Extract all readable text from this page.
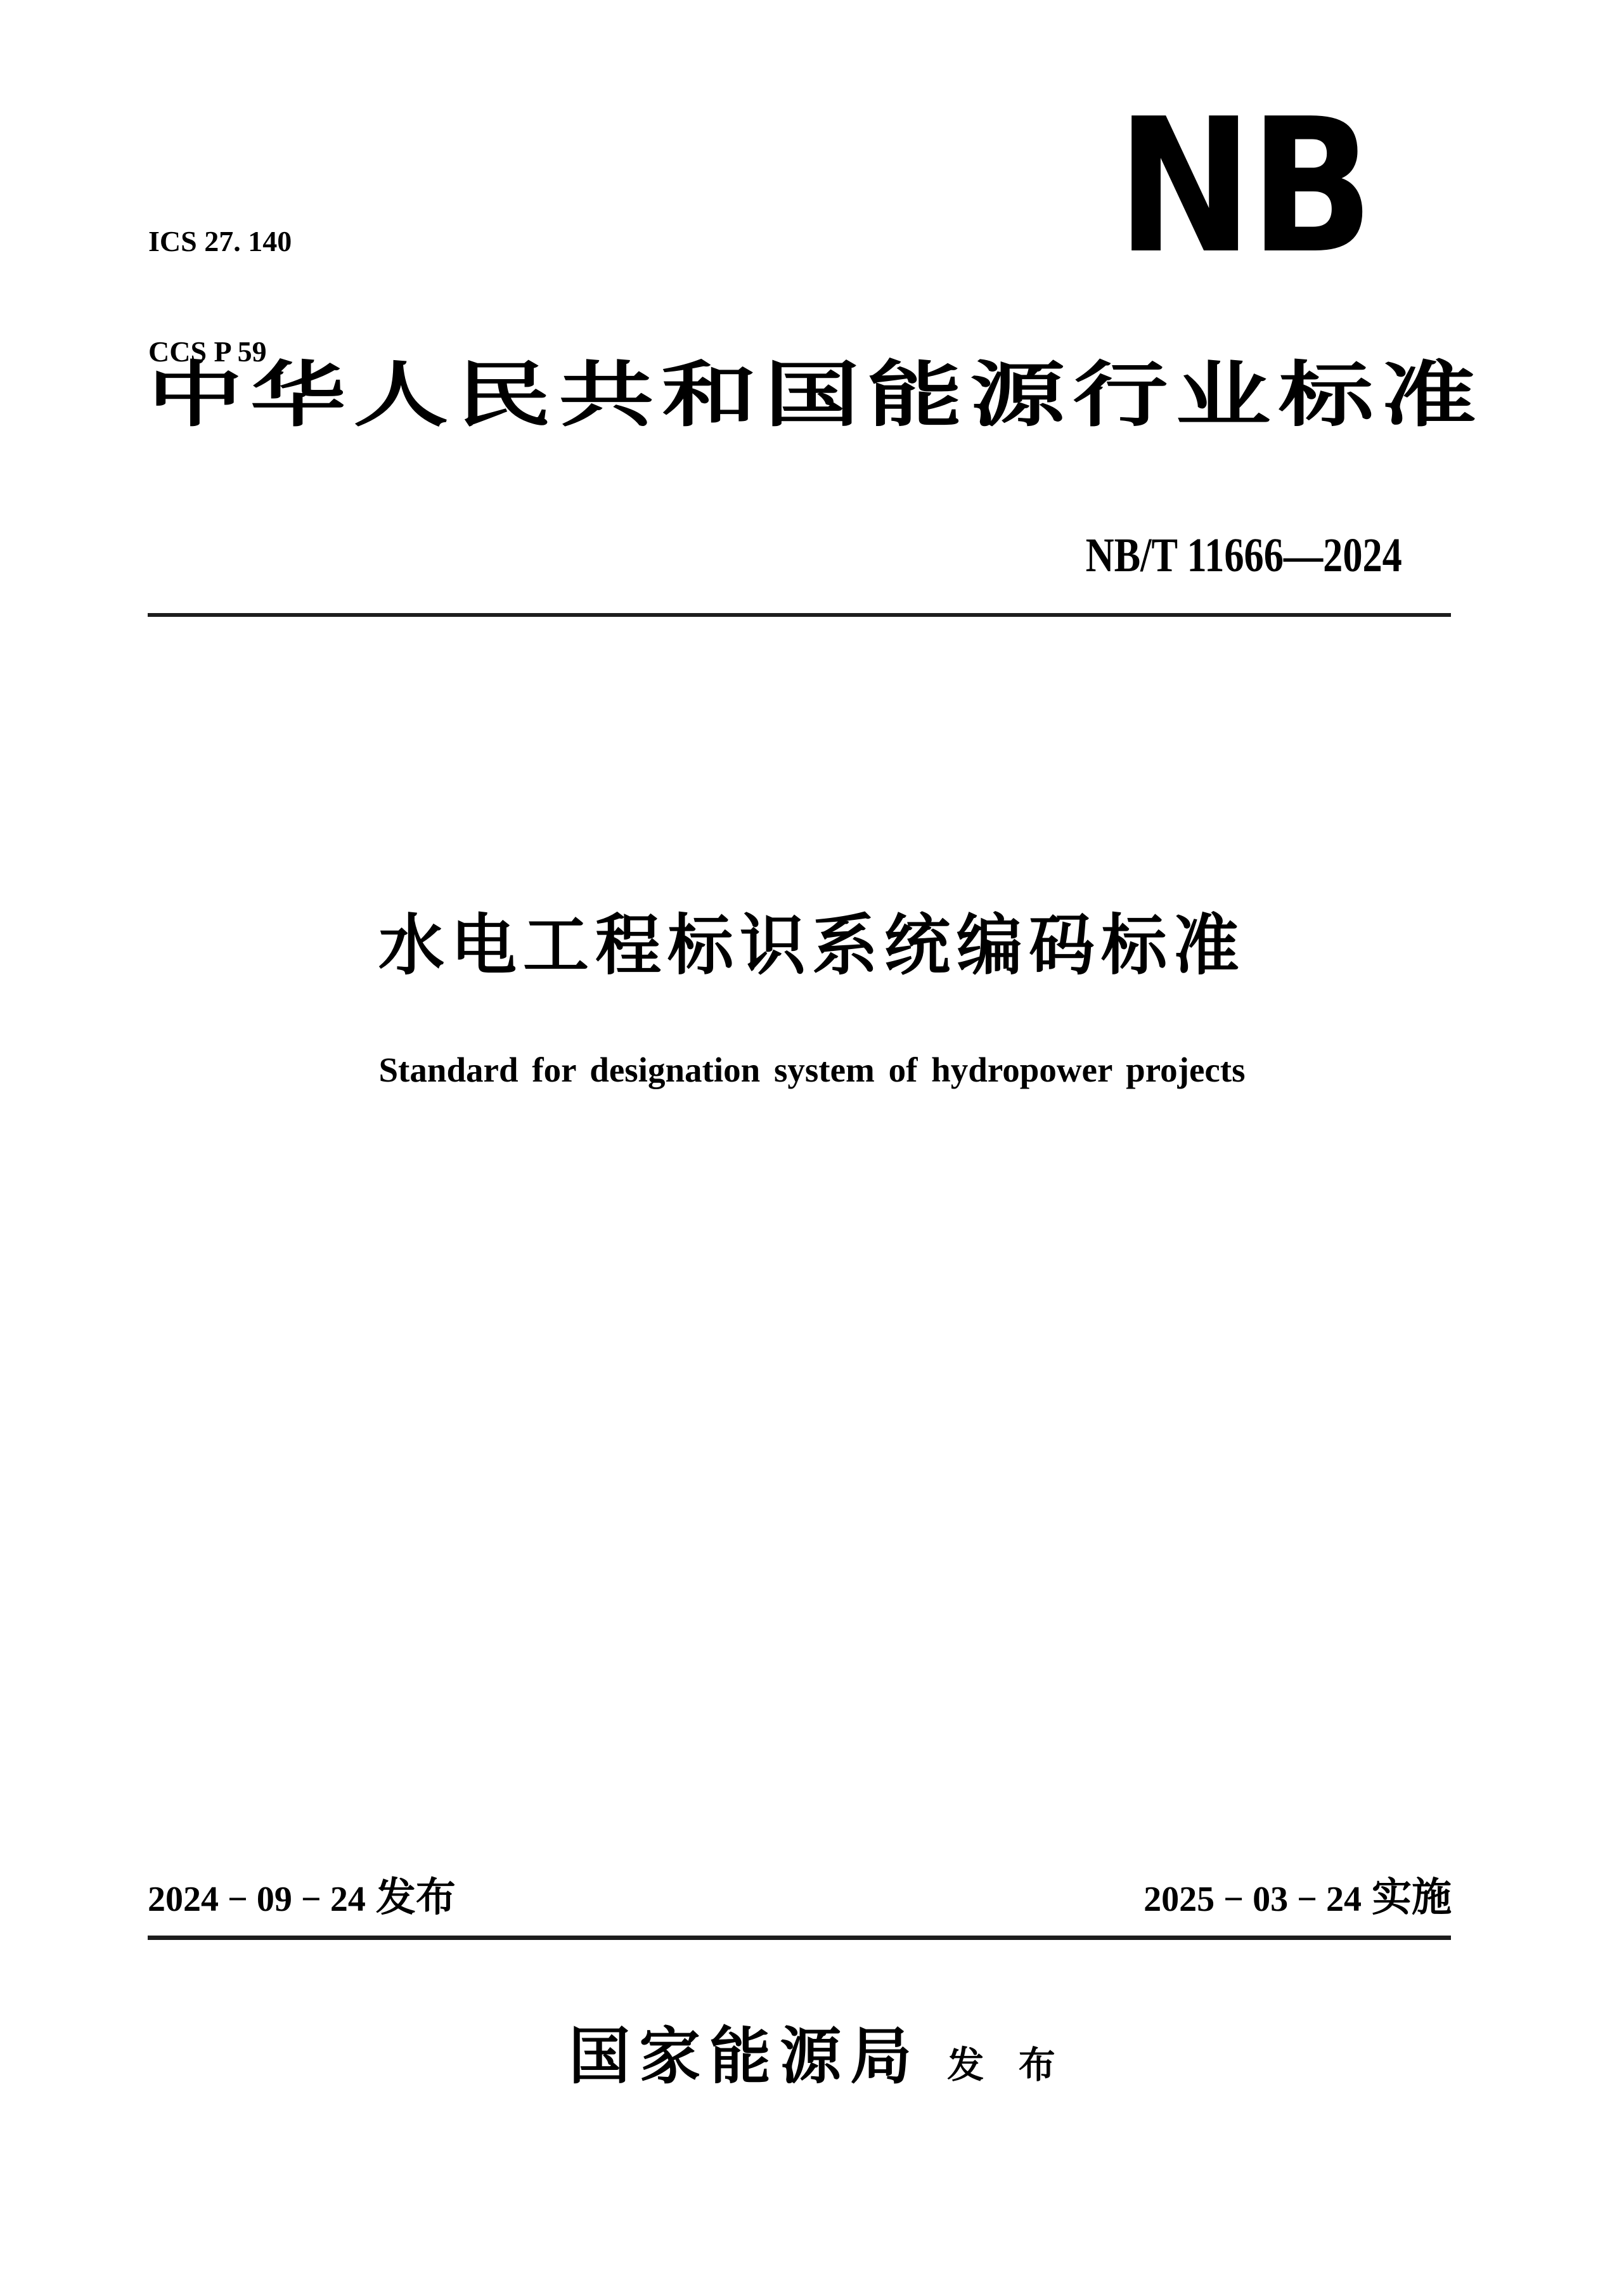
ICS 27. 140

CCS P 59

NB
中 华 人 民 共 和 国 能 源 行 业 标 准
NB/T 11666—2024
水电工程标识系统编码标准
Standard for designation system of hydropower projects
2024 − 09 − 24 发布	2025 − 03 − 24 实施
国家能源局 发 布
